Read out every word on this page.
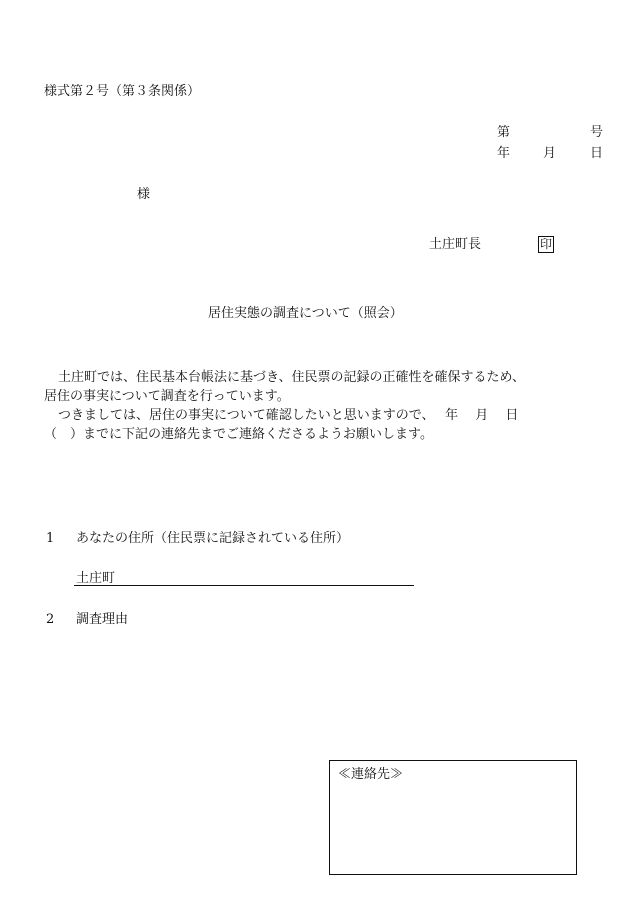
様式第２号（第３条関係）
第	号
年	月	日
様
土庄町長	印
居住実態の調査について（照会）

土庄町では、住民基本台帳法に基づき、住民票の記録の正確性を確保するため、

居住の事実について調査を行っています。

つきましては、居住の事実について確認したいと思いますので、　 年　 月　 日

（　）までに下記の連絡先までご連絡くださるようお願いします。

1 あなたの住所（住民票に記録されている住所）
土庄町
2 調査理由
≪連絡先≫
